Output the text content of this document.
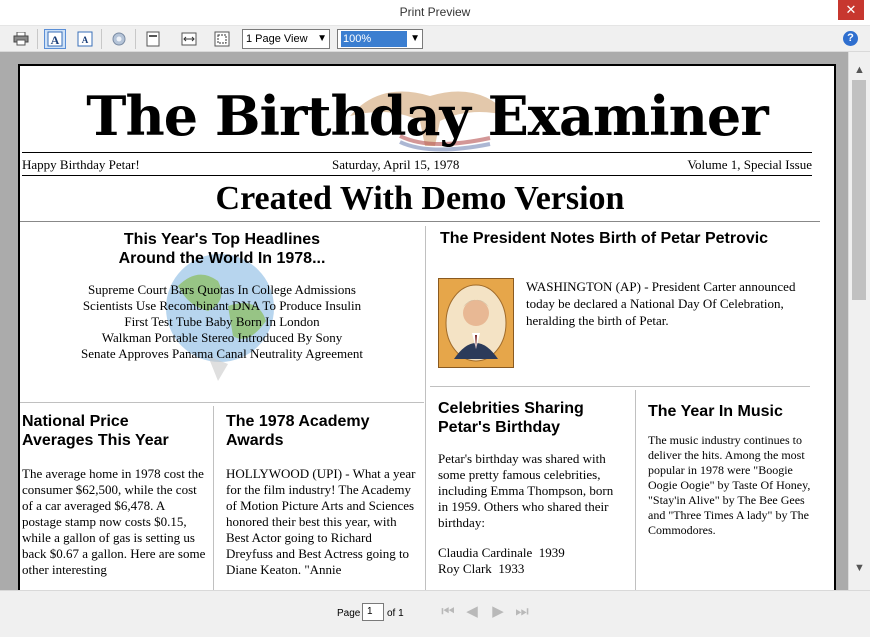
Print Preview	✕
A A	1 Page View ▼	100%	▼	?
The Birthday Examiner
Happy Birthday Petar!	Saturday, April 15, 1978	Volume 1, Special Issue
Created With Demo Version
This Year's Top Headlines
Around the World In 1978...
Supreme Court Bars Quotas In College Admissions
Scientists Use Recombinant DNA To Produce Insulin
First Test Tube Baby Born In London
Walkman Portable Stereo Introduced By Sony
Senate Approves Panama Canal Neutrality Agreement
The President Notes Birth of Petar Petrovic
WASHINGTON (AP) - President Carter announced today be declared a National Day Of Celebration, heralding the birth of Petar.
National Price
Averages This Year
The average home in 1978 cost the consumer $62,500, while the cost of a car averaged $6,478. A postage stamp now costs $0.15, while a gallon of gas is setting us back $0.67 a gallon. Here are some other interesting
The 1978 Academy
Awards
HOLLYWOOD (UPI) - What a year for the film industry! The Academy of Motion Picture Arts and Sciences honored their best this year, with Best Actor going to Richard Dreyfuss and Best Actress going to Diane Keaton. "Annie
Celebrities Sharing
Petar's Birthday
Petar's birthday was shared with some pretty famous celebrities, including Emma Thompson, born in 1959. Others who shared their birthday:
Claudia Cardinale 1939
Roy Clark 1933
The Year In Music
The music industry continues to deliver the hits. Among the most popular in 1978 were "Boogie Oogie Oogie" by Taste Of Honey, "Stay'in Alive" by The Bee Gees and "Three Times A lady" by The Commodores.
▲
▼
Page 1	of 1	⏮ ◀ ▶ ⏭
